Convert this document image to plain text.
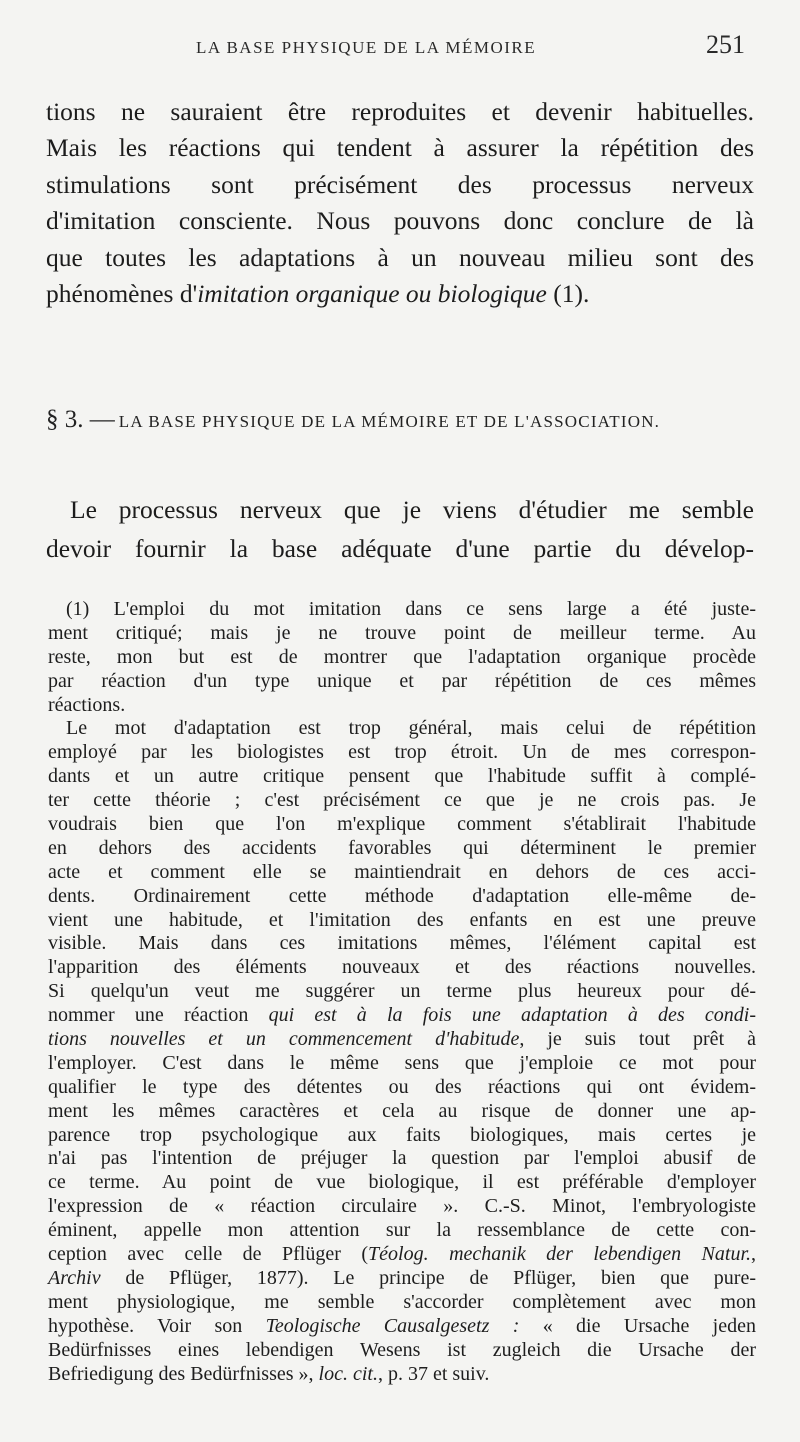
LA BASE PHYSIQUE DE LA MÉMOIRE	251
tions ne sauraient être reproduites et devenir habituelles.
Mais les réactions qui tendent à assurer la répétition des
stimulations sont précisément des processus nerveux
d'imitation consciente. Nous pouvons donc conclure de là
que toutes les adaptations à un nouveau milieu sont des
phénomènes d'imitation organique ou biologique (1).
§ 3. — LA BASE PHYSIQUE DE LA MÉMOIRE ET DE L'ASSOCIATION.
Le processus nerveux que je viens d'étudier me semble
devoir fournir la base adéquate d'une partie du dévelop-
(1) L'emploi du mot imitation dans ce sens large a été juste-
ment critiqué; mais je ne trouve point de meilleur terme. Au
reste, mon but est de montrer que l'adaptation organique procède
par réaction d'un type unique et par répétition de ces mêmes
réactions.
Le mot d'adaptation est trop général, mais celui de répétition
employé par les biologistes est trop étroit. Un de mes correspon-
dants et un autre critique pensent que l'habitude suffit à complé-
ter cette théorie ; c'est précisément ce que je ne crois pas. Je
voudrais bien que l'on m'explique comment s'établirait l'habitude
en dehors des accidents favorables qui déterminent le premier
acte et comment elle se maintiendrait en dehors de ces acci-
dents. Ordinairement cette méthode d'adaptation elle-même de-
vient une habitude, et l'imitation des enfants en est une preuve
visible. Mais dans ces imitations mêmes, l'élément capital est
l'apparition des éléments nouveaux et des réactions nouvelles.
Si quelqu'un veut me suggérer un terme plus heureux pour dé-
nommer une réaction qui est à la fois une adaptation à des condi-
tions nouvelles et un commencement d'habitude, je suis tout prêt à
l'employer. C'est dans le même sens que j'emploie ce mot pour
qualifier le type des détentes ou des réactions qui ont évidem-
ment les mêmes caractères et cela au risque de donner une ap-
parence trop psychologique aux faits biologiques, mais certes je
n'ai pas l'intention de préjuger la question par l'emploi abusif de
ce terme. Au point de vue biologique, il est préférable d'employer
l'expression de « réaction circulaire ». C.-S. Minot, l'embryologiste
éminent, appelle mon attention sur la ressemblance de cette con-
ception avec celle de Pflüger (Téolog. mechanik der lebendigen Natur.,
Archiv de Pflüger, 1877). Le principe de Pflüger, bien que pure-
ment physiologique, me semble s'accorder complètement avec mon
hypothèse. Voir son Teologische Causalgesetz : « die Ursache jeden
Bedürfnisses eines lebendigen Wesens ist zugleich die Ursache der
Befriedigung des Bedürfnisses », loc. cit., p. 37 et suiv.
